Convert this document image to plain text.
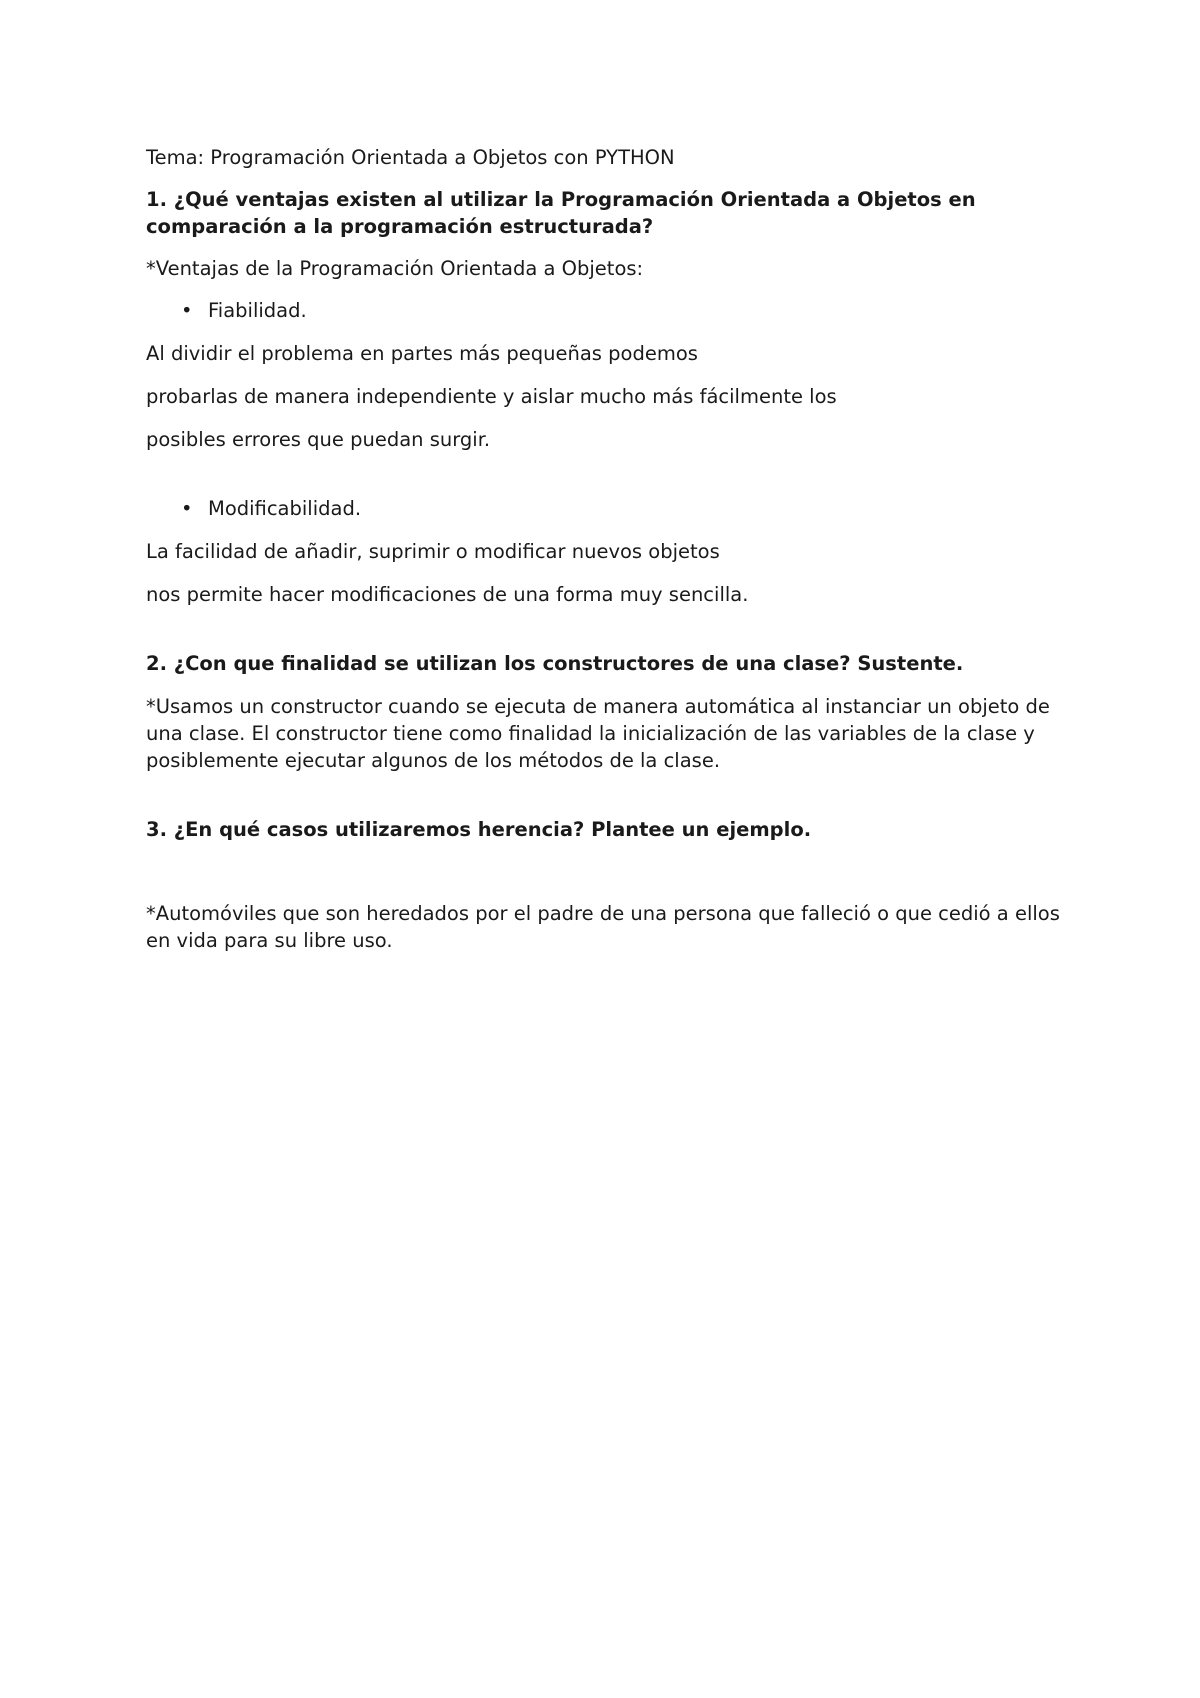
Tema: Programación Orientada a Objetos con PYTHON

1. ¿Qué ventajas existen al utilizar la Programación Orientada a Objetos en comparación a la programación estructurada?

*Ventajas de la Programación Orientada a Objetos:

• Fiabilidad.

Al dividir el problema en partes más pequeñas podemos

probarlas de manera independiente y aislar mucho más fácilmente los

posibles errores que puedan surgir.

• Modificabilidad.

La facilidad de añadir, suprimir o modificar nuevos objetos

nos permite hacer modificaciones de una forma muy sencilla.

2. ¿Con que finalidad se utilizan los constructores de una clase? Sustente.

*Usamos un constructor cuando se ejecuta de manera automática al instanciar un objeto de una clase. El constructor tiene como finalidad la inicialización de las variables de la clase y posiblemente ejecutar algunos de los métodos de la clase.

3. ¿En qué casos utilizaremos herencia? Plantee un ejemplo.

*Automóviles que son heredados por el padre de una persona que falleció o que cedió a ellos en vida para su libre uso.
